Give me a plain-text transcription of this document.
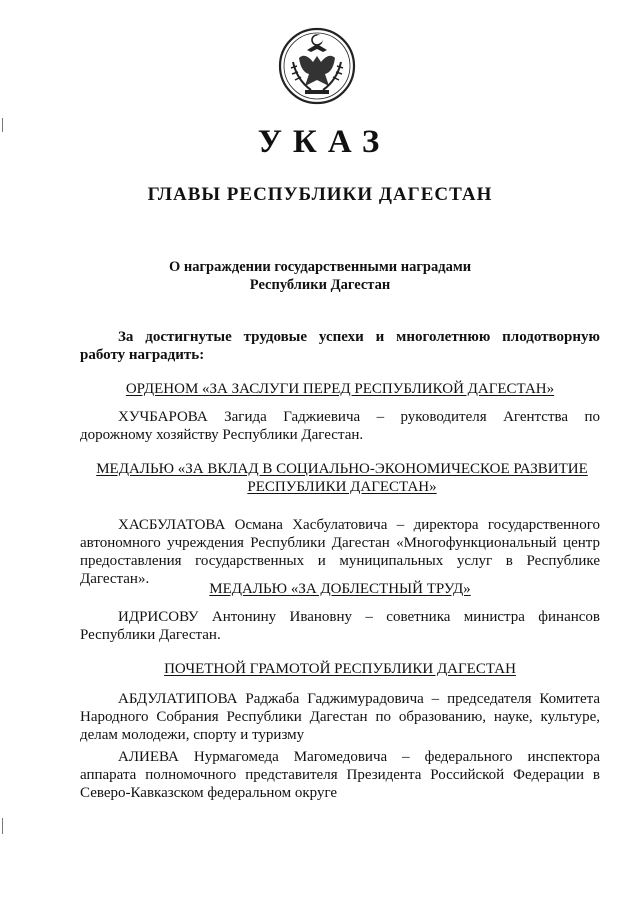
УКАЗ
ГЛАВЫ РЕСПУБЛИКИ ДАГЕСТАН
О награждении государственными наградами Республики Дагестан
За достигнутые трудовые успехи и многолетнюю плодотворную работу наградить:
ОРДЕНОМ «ЗА ЗАСЛУГИ ПЕРЕД РЕСПУБЛИКОЙ ДАГЕСТАН»
ХУЧБАРОВА Загида Гаджиевича – руководителя Агентства по дорожному хозяйству Республики Дагестан.
МЕДАЛЬЮ «ЗА ВКЛАД В СОЦИАЛЬНО-ЭКОНОМИЧЕСКОЕ РАЗВИТИЕ РЕСПУБЛИКИ ДАГЕСТАН»
ХАСБУЛАТОВА Османа Хасбулатовича – директора государственного автономного учреждения Республики Дагестан «Многофункциональный центр предоставления государственных и муниципальных услуг в Республике Дагестан».
МЕДАЛЬЮ «ЗА ДОБЛЕСТНЫЙ ТРУД»
ИДРИСОВУ Антонину Ивановну – советника министра финансов Республики Дагестан.
ПОЧЕТНОЙ ГРАМОТОЙ РЕСПУБЛИКИ ДАГЕСТАН
АБДУЛАТИПОВА Раджаба Гаджимурадовича – председателя Комитета Народного Собрания Республики Дагестан по образованию, науке, культуре, делам молодежи, спорту и туризму
АЛИЕВА Нурмагомеда Магомедовича – федерального инспектора аппарата полномочного представителя Президента Российской Федерации в Северо-Кавказском федеральном округе
